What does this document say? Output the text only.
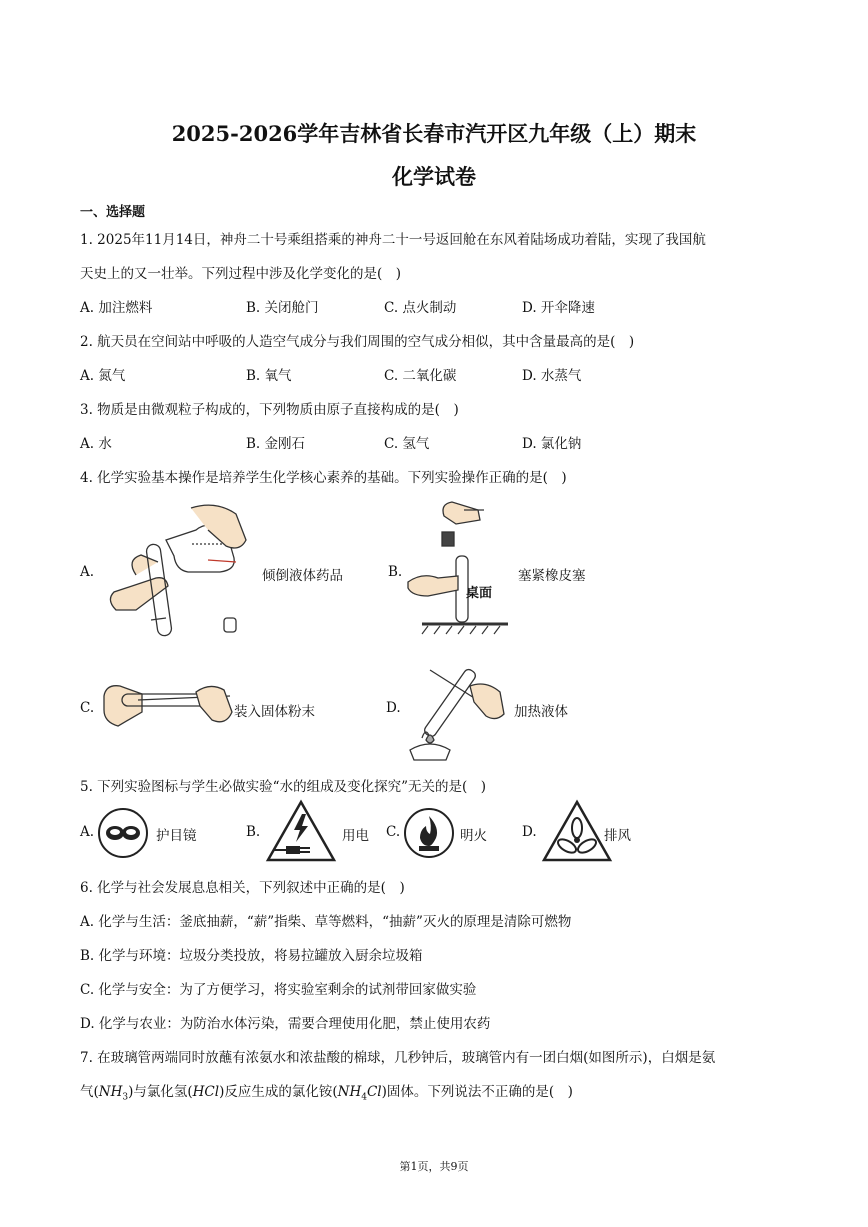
2025-2026学年吉林省长春市汽开区九年级（上）期末
化学试卷
一、选择题
1. 2025年11月14日，神舟二十号乘组搭乘的神舟二十一号返回舱在东风着陆场成功着陆，实现了我国航
天史上的又一壮举。下列过程中涉及化学变化的是(　)
A. 加注燃料	B. 关闭舱门	C. 点火制动	D. 开伞降速
2. 航天员在空间站中呼吸的人造空气成分与我们周围的空气成分相似，其中含量最高的是(　)
A. 氮气	B. 氧气	C. 二氧化碳	D. 水蒸气
3. 物质是由微观粒子构成的，下列物质由原子直接构成的是(　)
A. 水	B. 金刚石	C. 氢气	D. 氯化钠
4. 化学实验基本操作是培养学生化学核心素养的基础。下列实验操作正确的是(　)
A.	倾倒液体药品	B.
桌面
塞紧橡皮塞
C.	装入固体粉末	D.	加热液体
5. 下列实验图标与学生必做实验“水的组成及变化探究”无关的是(　)
A.	护目镜	B.	用电 C.	明火	D.	排风
6. 化学与社会发展息息相关，下列叙述中正确的是(　)
A. 化学与生活：釜底抽薪，“薪”指柴、草等燃料，“抽薪”灭火的原理是清除可燃物
B. 化学与环境：垃圾分类投放，将易拉罐放入厨余垃圾箱
C. 化学与安全：为了方便学习，将实验室剩余的试剂带回家做实验
D. 化学与农业：为防治水体污染，需要合理使用化肥，禁止使用农药
7. 在玻璃管两端同时放蘸有浓氨水和浓盐酸的棉球，几秒钟后，玻璃管内有一团白烟(如图所示)，白烟是氨
气$(NH_3)$与氯化氢(HCl)反应生成的氯化铵$(NH_4Cl)$固体。下列说法不正确的是(　)
第1页，共9页
